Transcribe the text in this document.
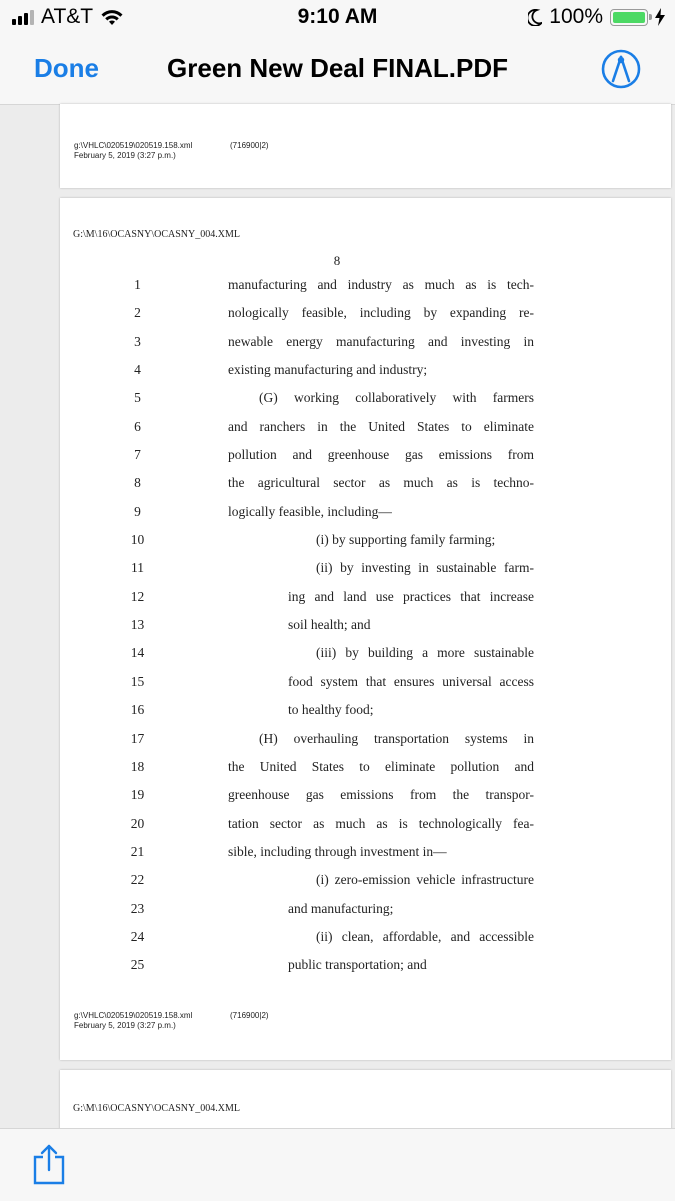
AT&T	9:10 AM	100%
Done	Green New Deal FINAL.PDF
g:\VHLC\020519\020519.158.xml
February 5, 2019 (3:27 p.m.)
(716900|2)
G:\M\16\OCASNY\OCASNY_004.XML
8
1	manufacturing and industry as much as is tech-
2	nologically feasible, including by expanding re-
3	newable energy manufacturing and investing in
4	existing manufacturing and industry;
5	(G) working collaboratively with farmers
6	and ranchers in the United States to eliminate
7	pollution and greenhouse gas emissions from
8	the agricultural sector as much as is techno-
9	logically feasible, including—
10	(i) by supporting family farming;
11	(ii) by investing in sustainable farm-
12	ing and land use practices that increase
13	soil health; and
14	(iii) by building a more sustainable
15	food system that ensures universal access
16	to healthy food;
17	(H) overhauling transportation systems in
18	the United States to eliminate pollution and
19	greenhouse gas emissions from the transpor-
20	tation sector as much as is technologically fea-
21	sible, including through investment in—
22	(i) zero-emission vehicle infrastructure
23	and manufacturing;
24	(ii) clean, affordable, and accessible
25	public transportation; and
g:\VHLC\020519\020519.158.xml
February 5, 2019 (3:27 p.m.)
(716900|2)
G:\M\16\OCASNY\OCASNY_004.XML
